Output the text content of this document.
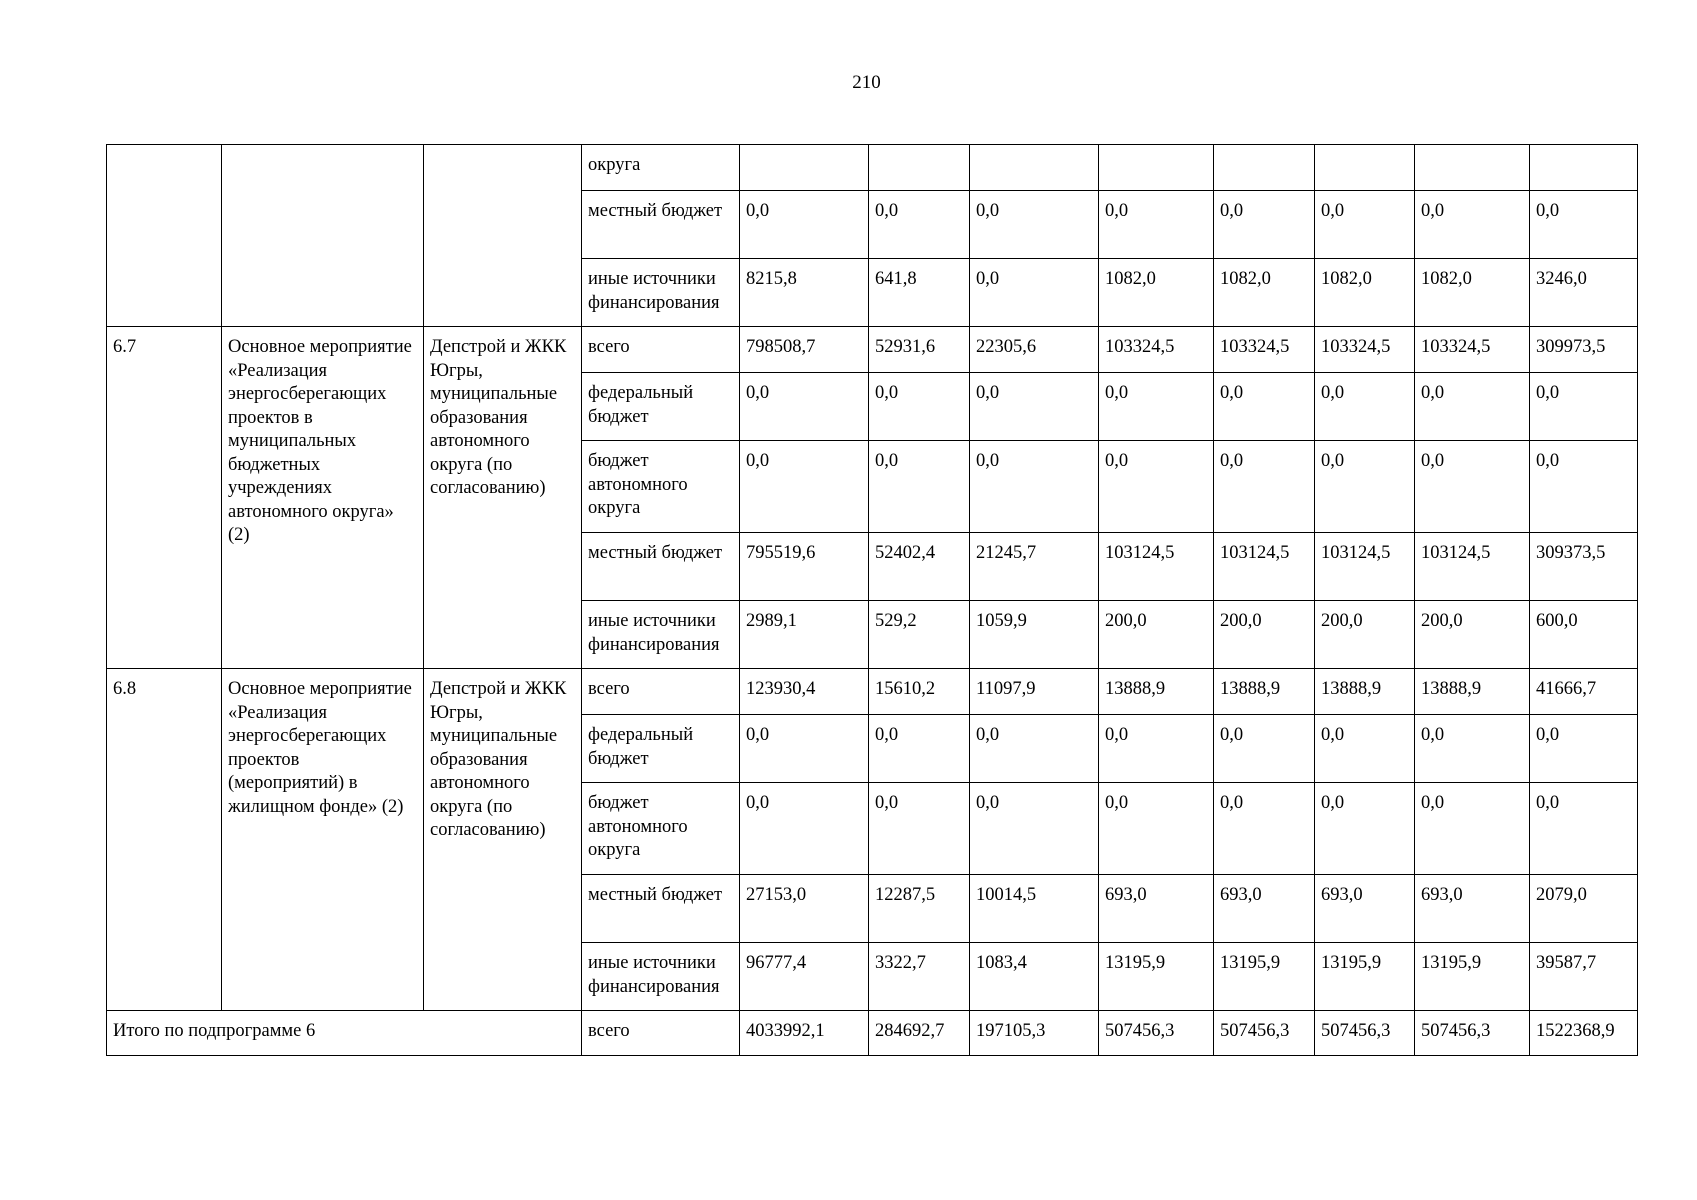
210
			округа								
			местный бюджет	0,0	0,0	0,0	0,0	0,0	0,0	0,0	0,0
			иные источники финансирования	8215,8	641,8	0,0	1082,0	1082,0	1082,0	1082,0	3246,0
6.7	Основное мероприятие «Реализация энергосберегающих проектов в муниципальных бюджетных учреждениях автономного округа» (2)	Депстрой и ЖКК Югры, муниципальные образования автономного округа (по согласованию)	всего	798508,7	52931,6	22305,6	103324,5	103324,5	103324,5	103324,5	309973,5
			федеральный бюджет	0,0	0,0	0,0	0,0	0,0	0,0	0,0	0,0
			бюджет автономного округа	0,0	0,0	0,0	0,0	0,0	0,0	0,0	0,0
			местный бюджет	795519,6	52402,4	21245,7	103124,5	103124,5	103124,5	103124,5	309373,5
			иные источники финансирования	2989,1	529,2	1059,9	200,0	200,0	200,0	200,0	600,0
6.8	Основное мероприятие «Реализация энергосберегающих проектов (мероприятий) в жилищном фонде» (2)	Депстрой и ЖКК Югры, муниципальные образования автономного округа (по согласованию)	всего	123930,4	15610,2	11097,9	13888,9	13888,9	13888,9	13888,9	41666,7
			федеральный бюджет	0,0	0,0	0,0	0,0	0,0	0,0	0,0	0,0
			бюджет автономного округа	0,0	0,0	0,0	0,0	0,0	0,0	0,0	0,0
			местный бюджет	27153,0	12287,5	10014,5	693,0	693,0	693,0	693,0	2079,0
			иные источники финансирования	96777,4	3322,7	1083,4	13195,9	13195,9	13195,9	13195,9	39587,7
Итого по подпрограмме 6			всего	4033992,1	284692,7	197105,3	507456,3	507456,3	507456,3	507456,3	1522368,9
